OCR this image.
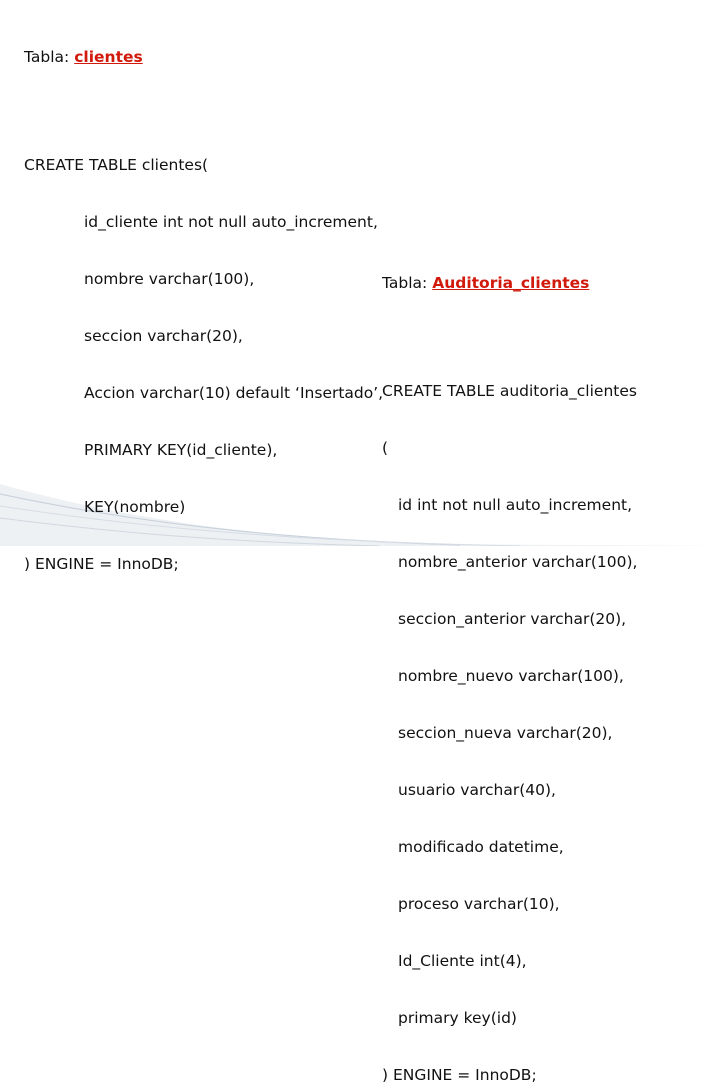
Tabla: clientes

CREATE TABLE clientes(

id_cliente int not null auto_increment,

nombre varchar(100),

seccion varchar(20),

Accion varchar(10) default ‘Insertado’,

PRIMARY KEY(id_cliente),

KEY(nombre)

) ENGINE = InnoDB;

Tabla: Auditoria_clientes

CREATE TABLE auditoria_clientes

(

id int not null auto_increment,

nombre_anterior varchar(100),

seccion_anterior varchar(20),

nombre_nuevo varchar(100),

seccion_nueva varchar(20),

usuario varchar(40),

modificado datetime,

proceso varchar(10),

Id_Cliente int(4),

primary key(id)

) ENGINE = InnoDB;
